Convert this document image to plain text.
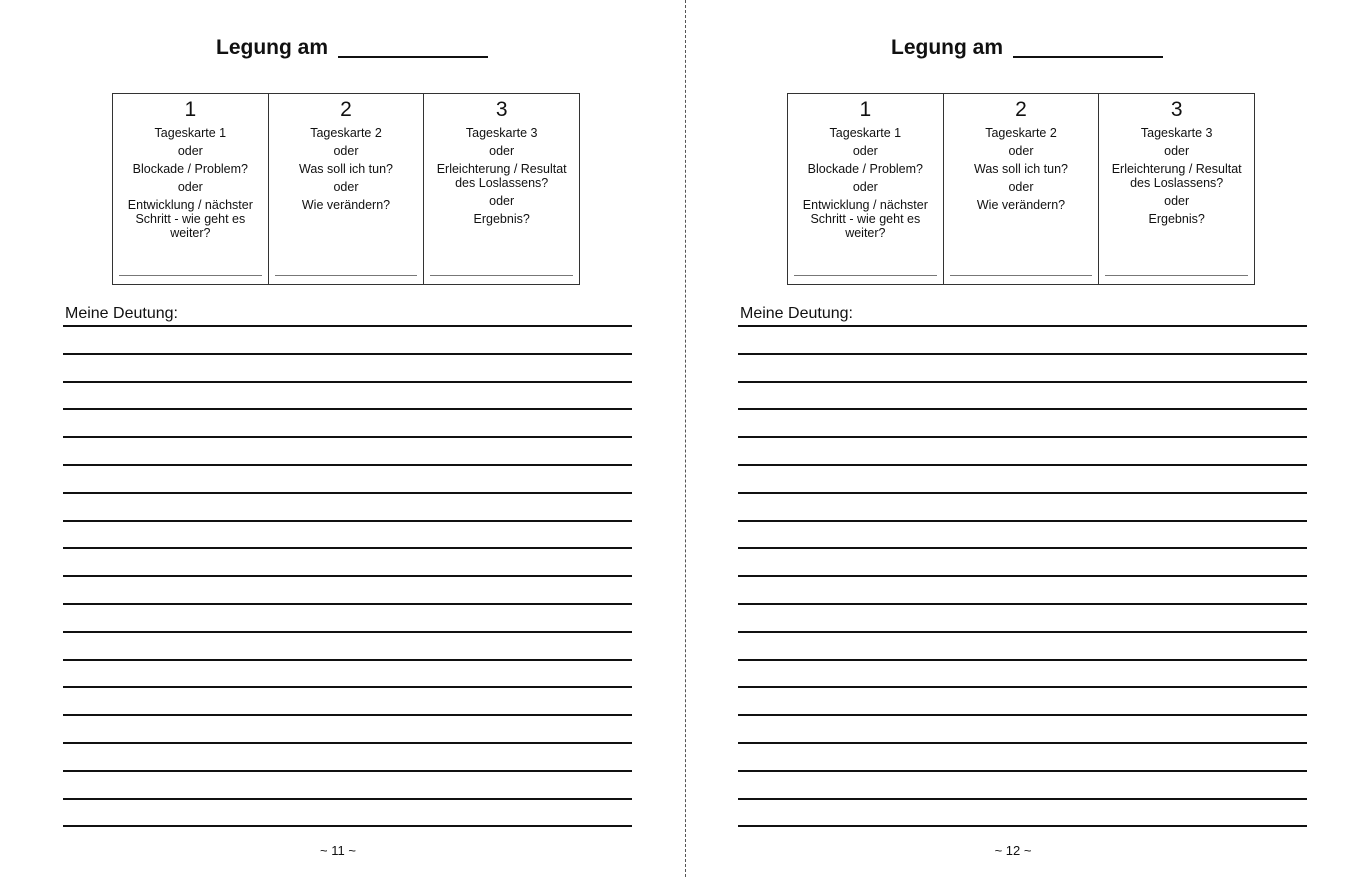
Legung am
1
Tageskarte 1
oder
Blockade / Problem?
oder
Entwicklung / nächster Schritt - wie geht es weiter?
2
Tageskarte 2
oder
Was soll ich tun?
oder
Wie verändern?
3
Tageskarte 3
oder
Erleichterung / Resultat des Loslassens?
oder
Ergebnis?
Meine Deutung:
~ 11 ~
Legung am
1
Tageskarte 1
oder
Blockade / Problem?
oder
Entwicklung / nächster Schritt - wie geht es weiter?
2
Tageskarte 2
oder
Was soll ich tun?
oder
Wie verändern?
3
Tageskarte 3
oder
Erleichterung / Resultat des Loslassens?
oder
Ergebnis?
Meine Deutung:
~ 12 ~
